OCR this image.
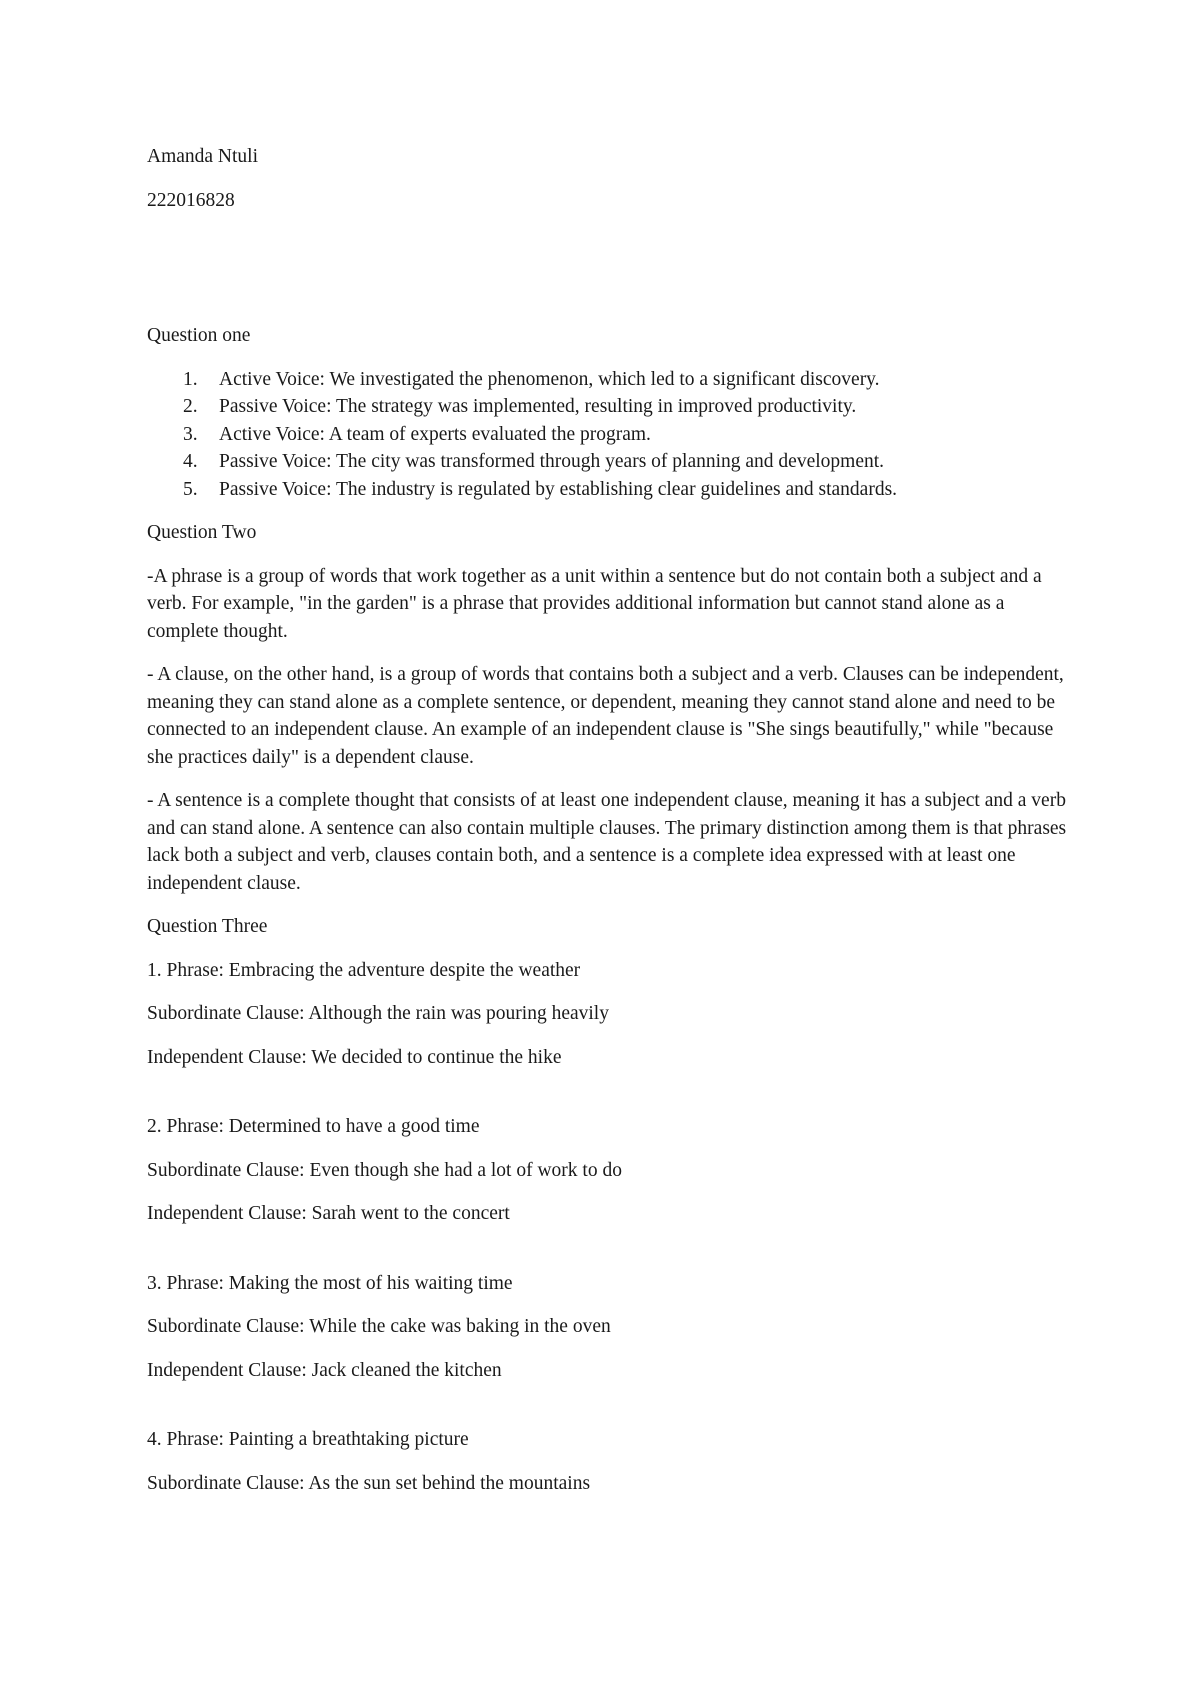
Amanda Ntuli

222016828

Question one

1. Active Voice: We investigated the phenomenon, which led to a significant discovery.
2. Passive Voice: The strategy was implemented, resulting in improved productivity.
3. Active Voice: A team of experts evaluated the program.
4. Passive Voice: The city was transformed through years of planning and development.
5. Passive Voice: The industry is regulated by establishing clear guidelines and standards.

Question Two

-A phrase is a group of words that work together as a unit within a sentence but do not contain both a subject and a verb. For example, "in the garden" is a phrase that provides additional information but cannot stand alone as a complete thought.

- A clause, on the other hand, is a group of words that contains both a subject and a verb. Clauses can be independent, meaning they can stand alone as a complete sentence, or dependent, meaning they cannot stand alone and need to be connected to an independent clause. An example of an independent clause is "She sings beautifully," while "because she practices daily" is a dependent clause.

- A sentence is a complete thought that consists of at least one independent clause, meaning it has a subject and a verb and can stand alone. A sentence can also contain multiple clauses. The primary distinction among them is that phrases lack both a subject and verb, clauses contain both, and a sentence is a complete idea expressed with at least one independent clause.

Question Three

1. Phrase: Embracing the adventure despite the weather

Subordinate Clause: Although the rain was pouring heavily

Independent Clause: We decided to continue the hike

2. Phrase: Determined to have a good time

Subordinate Clause: Even though she had a lot of work to do

Independent Clause: Sarah went to the concert

3. Phrase: Making the most of his waiting time

Subordinate Clause: While the cake was baking in the oven

Independent Clause: Jack cleaned the kitchen

4. Phrase: Painting a breathtaking picture

Subordinate Clause: As the sun set behind the mountains
